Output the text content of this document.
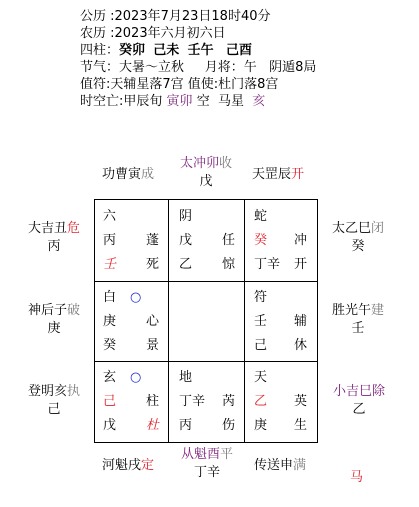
公历 :2023年7月23日18时40分
农历 :2023年六月初六日
四柱：癸卯 己未 壬午 己酉
节气：大暑～立秋 月将：午 阴遁8局
值符:天辅星落7宫 值使:杜门落8宫
时空亡:甲辰旬 寅卯 空 马星 亥
功曹寅成
太冲卯收
戊	天罡辰开
大吉丑危
丙
神后子破
庚
登明亥执
己
太乙巳闭
癸
胜光午建
壬
小吉巳除
乙
河魁戌定
从魁酉平
丁辛	传送申满
马
六
丙 蓬
壬 死
阴
戊 任
乙 惊
蛇
癸 冲
丁辛 开
白 ○
庚 心
癸 景
符
壬 辅
己 休
玄 ○
己 柱
戊 杜
地
丁辛 芮
丙 伤
天
乙 英
庚 生
